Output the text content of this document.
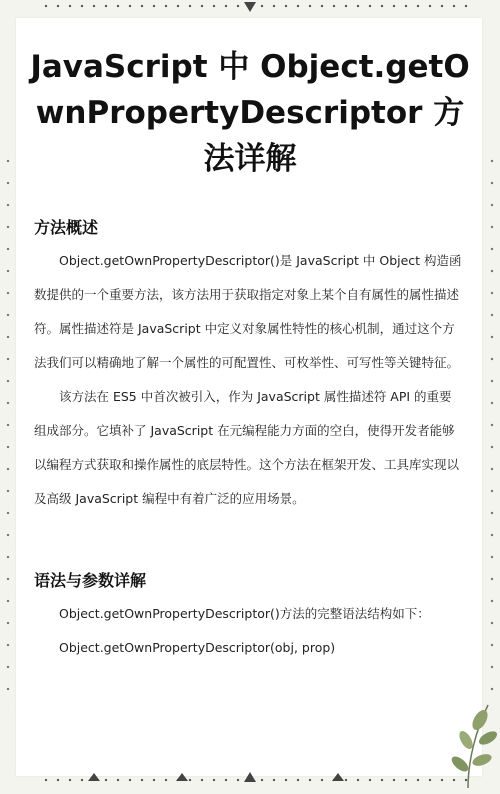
JavaScript 中 Object.getOwnPropertyDescriptor 方法详解
方法概述
Object.getOwnPropertyDescriptor()是 JavaScript 中 Object 构造函数提供的一个重要方法，该方法用于获取指定对象上某个自有属性的属性描述符。属性描述符是 JavaScript 中定义对象属性特性的核心机制，通过这个方法我们可以精确地了解一个属性的可配置性、可枚举性、可写性等关键特征。
该方法在 ES5 中首次被引入，作为 JavaScript 属性描述符 API 的重要组成部分。它填补了 JavaScript 在元编程能力方面的空白，使得开发者能够以编程方式获取和操作属性的底层特性。这个方法在框架开发、工具库实现以及高级 JavaScript 编程中有着广泛的应用场景。
语法与参数详解
Object.getOwnPropertyDescriptor()方法的完整语法结构如下：
Object.getOwnPropertyDescriptor(obj, prop)
